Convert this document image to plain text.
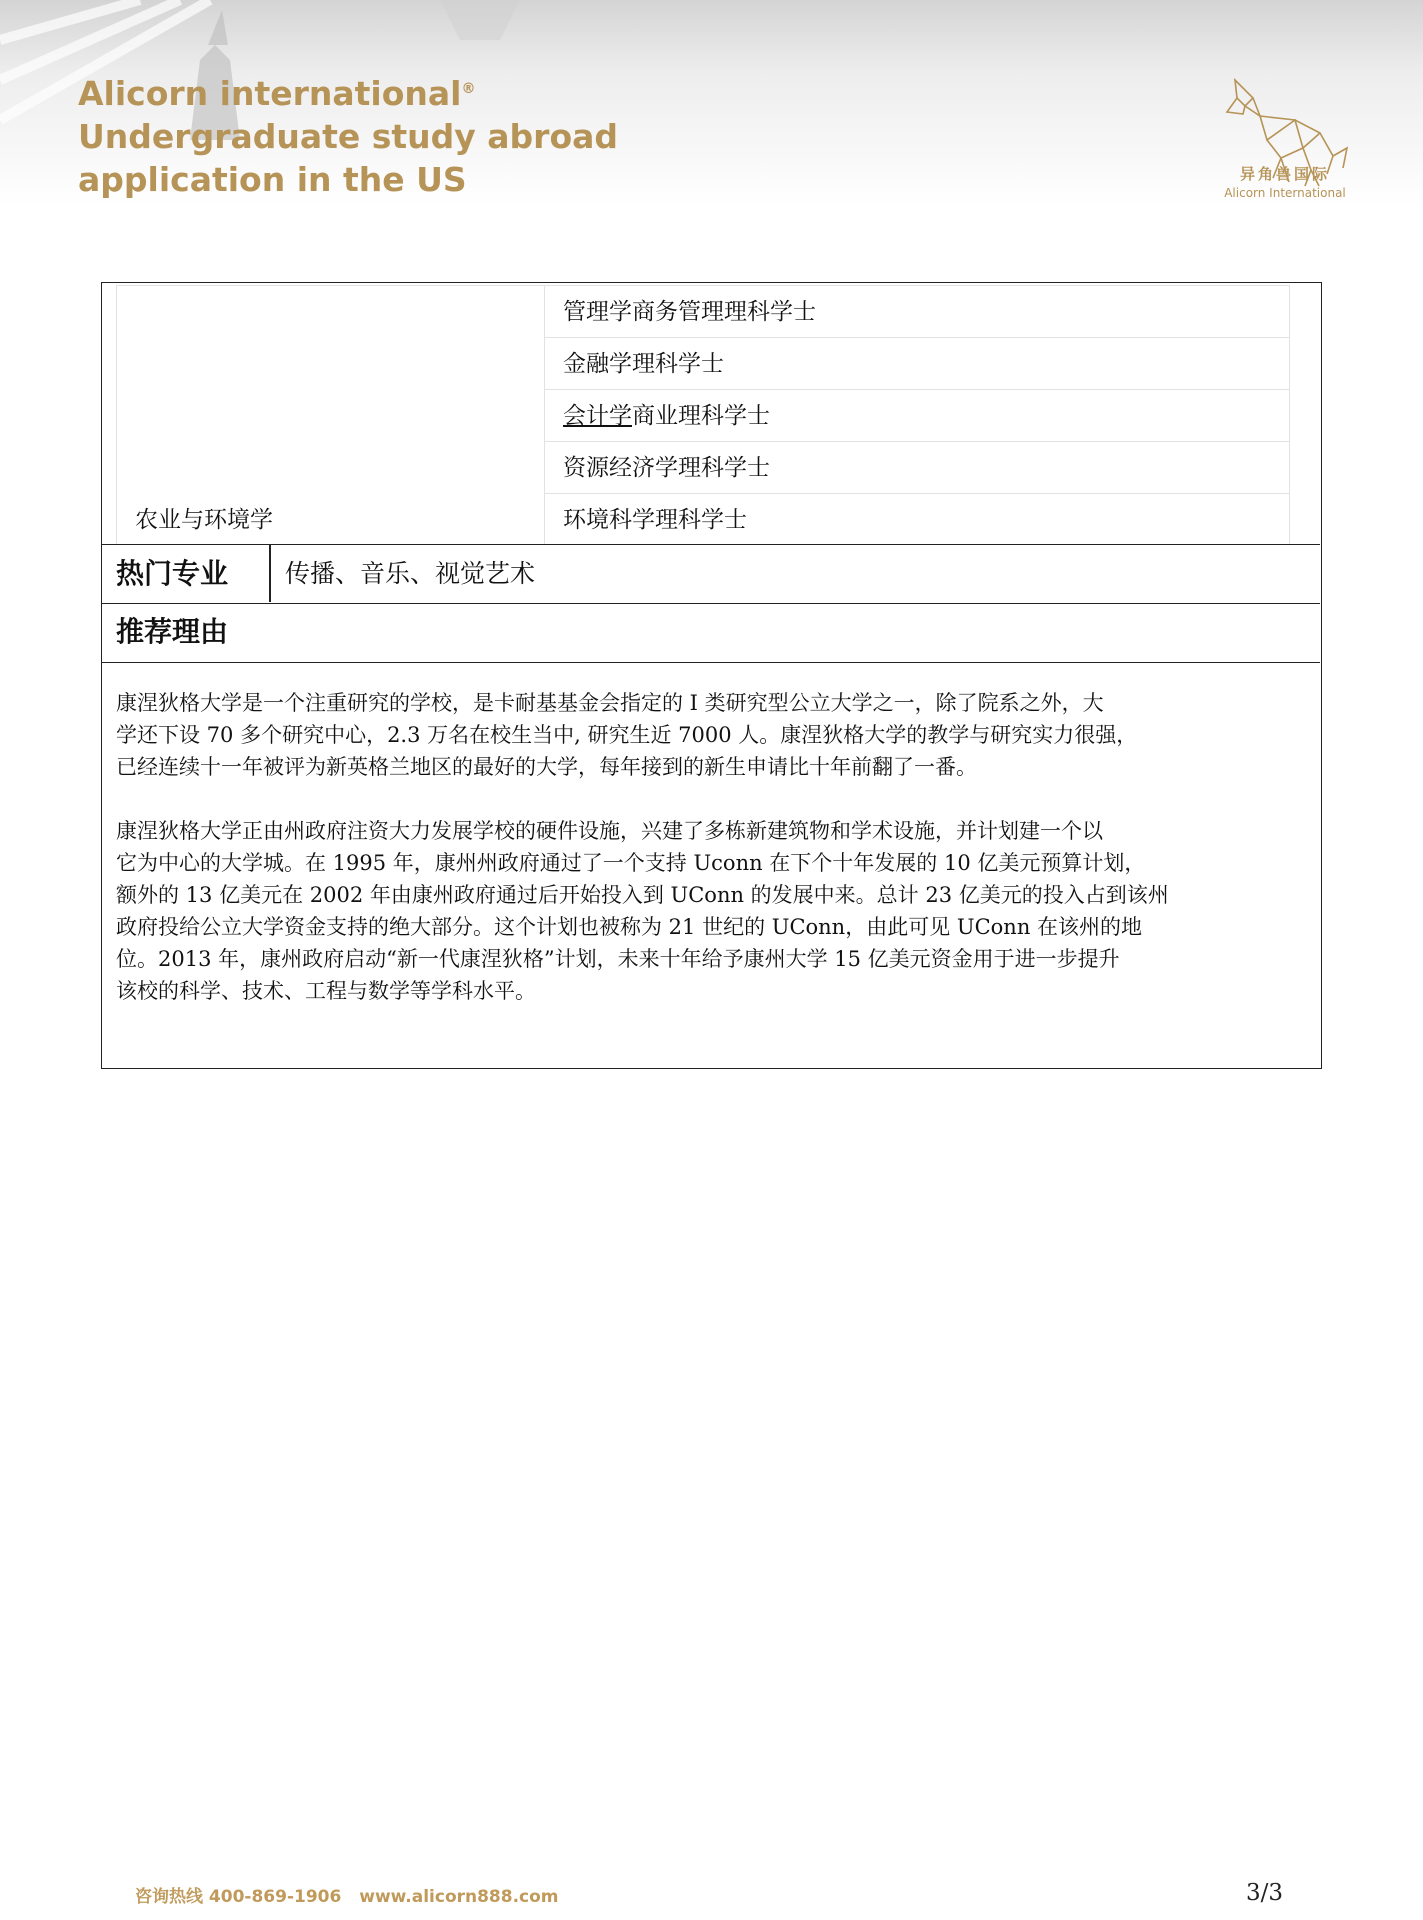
Alicorn international®
Undergraduate study abroad
application in the US	异角兽国际
Alicorn International
管理学商务管理理科学士
金融学理科学士
会计学商业理科学士
资源经济学理科学士
环境科学理科学士
农业与环境学
热门专业 传播、音乐、视觉艺术
推荐理由
康涅狄格大学是一个注重研究的学校，是卡耐基基金会指定的 I 类研究型公立大学之一，除了院系之外，大
学还下设 70 多个研究中心，2.3 万名在校生当中, 研究生近 7000 人。康涅狄格大学的教学与研究实力很强，
已经连续十一年被评为新英格兰地区的最好的大学，每年接到的新生申请比十年前翻了一番。
康涅狄格大学正由州政府注资大力发展学校的硬件设施，兴建了多栋新建筑物和学术设施，并计划建一个以
它为中心的大学城。在 1995 年，康州州政府通过了一个支持 Uconn 在下个十年发展的 10 亿美元预算计划，
额外的 13 亿美元在 2002 年由康州政府通过后开始投入到 UConn 的发展中来。总计 23 亿美元的投入占到该州
政府投给公立大学资金支持的绝大部分。这个计划也被称为 21 世纪的 UConn，由此可见 UConn 在该州的地
位。2013 年，康州政府启动“新一代康涅狄格”计划，未来十年给予康州大学 15 亿美元资金用于进一步提升
该校的科学、技术、工程与数学等学科水平。
咨询热线 400-869-1906 www.alicorn888.com	3/3
